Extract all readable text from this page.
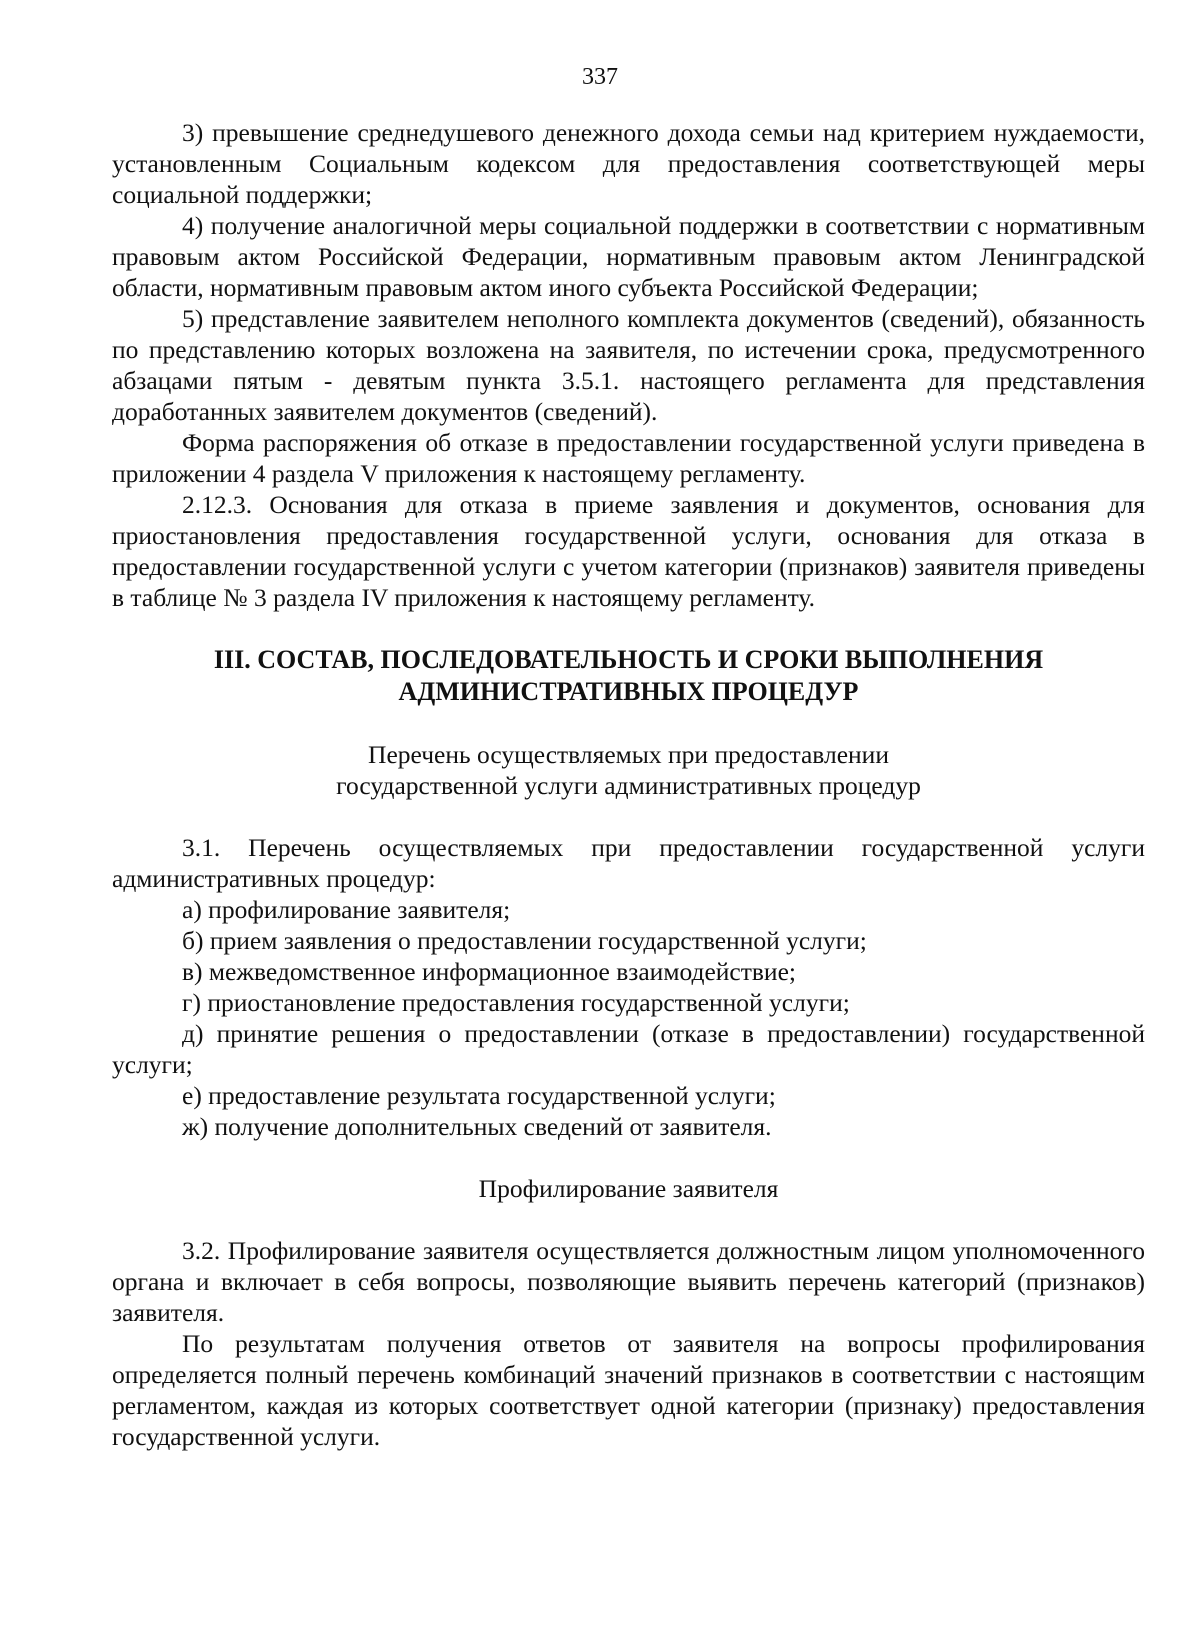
337

3) превышение среднедушевого денежного дохода семьи над критерием нуждаемости, установленным Социальным кодексом для предоставления соответствующей меры социальной поддержки;

4) получение аналогичной меры социальной поддержки в соответствии с нормативным правовым актом Российской Федерации, нормативным правовым актом Ленинградской области, нормативным правовым актом иного субъекта Российской Федерации;

5) представление заявителем неполного комплекта документов (сведений), обязанность по представлению которых возложена на заявителя, по истечении срока, предусмотренного абзацами пятым - девятым пункта 3.5.1. настоящего регламента для представления доработанных заявителем документов (сведений).

Форма распоряжения об отказе в предоставлении государственной услуги приведена в приложении 4 раздела V приложения к настоящему регламенту.

2.12.3. Основания для отказа в приеме заявления и документов, основания для приостановления предоставления государственной услуги, основания для отказа в предоставлении государственной услуги с учетом категории (признаков) заявителя приведены в таблице № 3 раздела IV приложения к настоящему регламенту.

III. СОСТАВ, ПОСЛЕДОВАТЕЛЬНОСТЬ И СРОКИ ВЫПОЛНЕНИЯ
АДМИНИСТРАТИВНЫХ ПРОЦЕДУР
Перечень осуществляемых при предоставлении
государственной услуги административных процедур

3.1. Перечень осуществляемых при предоставлении государственной услуги административных процедур:

а) профилирование заявителя;

б) прием заявления о предоставлении государственной услуги;

в) межведомственное информационное взаимодействие;

г) приостановление предоставления государственной услуги;

д) принятие решения о предоставлении (отказе в предоставлении) государственной услуги;

е) предоставление результата государственной услуги;

ж) получение дополнительных сведений от заявителя.

Профилирование заявителя

3.2. Профилирование заявителя осуществляется должностным лицом уполномоченного органа и включает в себя вопросы, позволяющие выявить перечень категорий (признаков) заявителя.

По результатам получения ответов от заявителя на вопросы профилирования определяется полный перечень комбинаций значений признаков в соответствии с настоящим регламентом, каждая из которых соответствует одной категории (признаку) предоставления государственной услуги.
